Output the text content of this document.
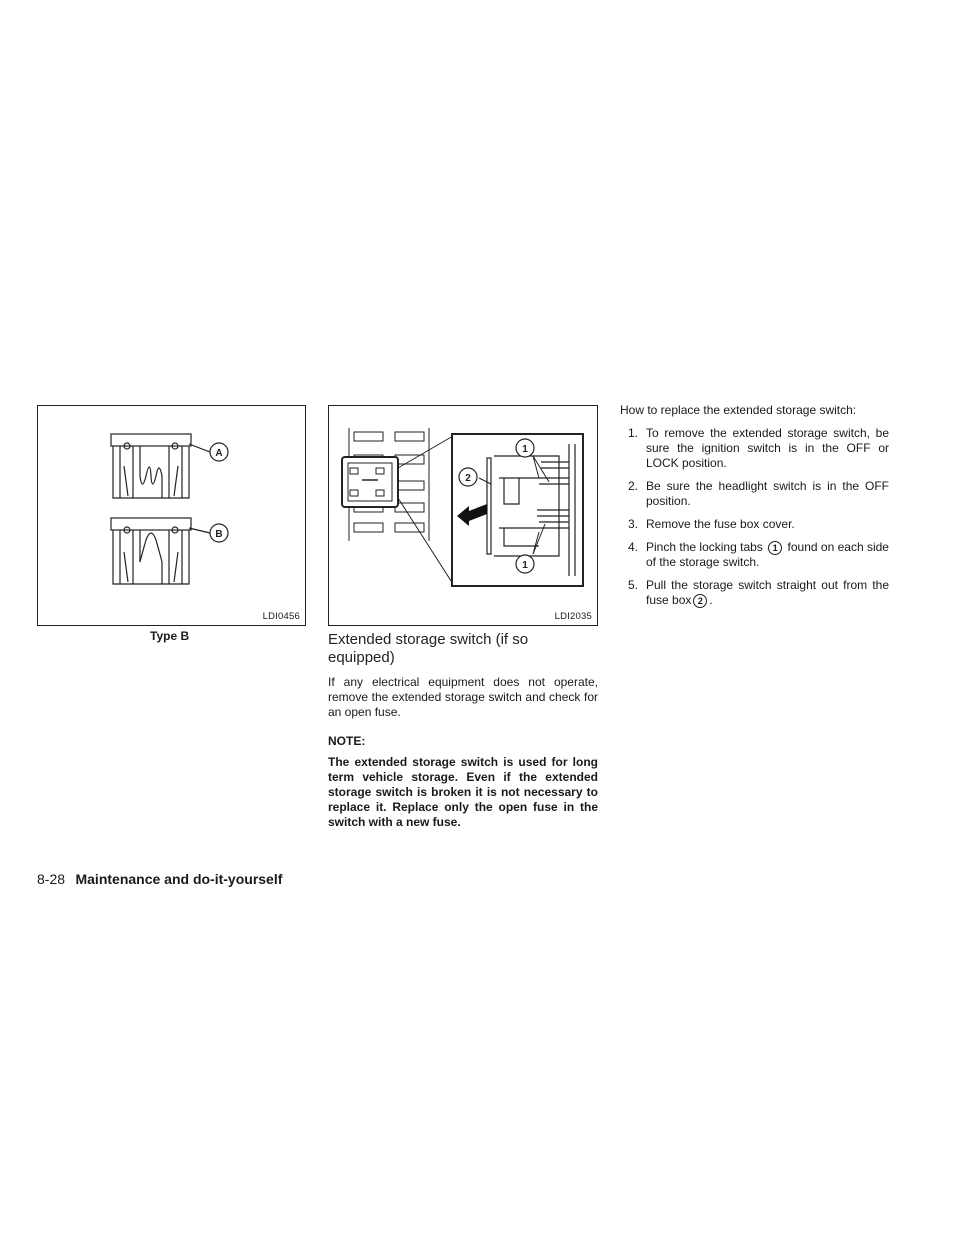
A
B
LDI0456
Type B
1
2
1
LDI2035
Extended storage switch (if so equipped)
If any electrical equipment does not operate, remove the extended storage switch and check for an open fuse.
NOTE:
The extended storage switch is used for long term vehicle storage. Even if the extended storage switch is broken it is not necessary to replace it. Replace only the open fuse in the switch with a new fuse.
How to replace the extended storage switch:
1. To remove the extended storage switch, be sure the ignition switch is in the OFF or LOCK position.
2. Be sure the headlight switch is in the OFF position.
3. Remove the fuse box cover.
4. Pinch the locking tabs 1 found on each side of the storage switch.
5. Pull the storage switch straight out from the fuse box 2 .
8-28 Maintenance and do-it-yourself
